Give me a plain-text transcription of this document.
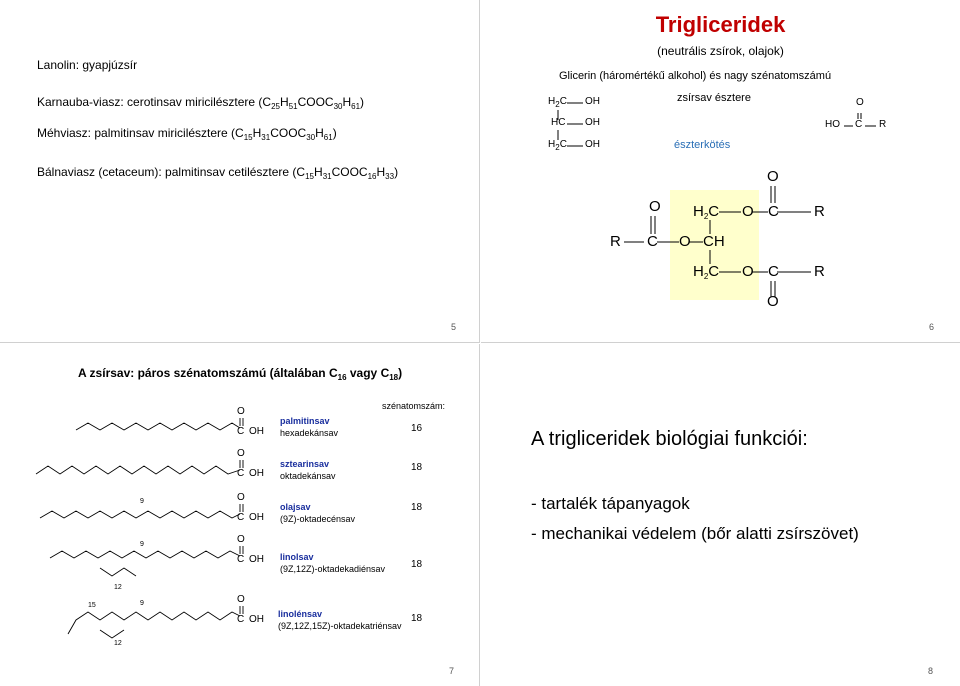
Lanolin: gyapjúzsír
Karnauba-viasz: cerotinsav miricilésztere $(C_{25}H_{51}COOC_{30}H_{61})$
Méhviasz: palmitinsav miricilésztere $(C_{15}H_{31}COOC_{30}H_{61})$
Bálnaviasz (cetaceum): palmitinsav cetilésztere $(C_{15}H_{31}COOC_{16}H_{33})$
5
Trigliceridek
(neutrális zsírok, olajok)
Glicerin (háromértékű alkohol) és nagy szénatomszámú
zsírsav észtere
észterkötés
$H_2C$ OH
HC OH
$H_2C$ OH
O
HO C R
O
O $H_2C$ O C R
R C O CH
$H_2C$ O C R
O
6
A zsírsav: páros szénatomszámú (általában $C_{16}$ vagy $C_{18}$)
szénatomszám:
O
C OH
palmitinsav
hexadekánsav	16
O
C OH
sztearinsav
oktadekánsav
18
O
C OH
9
olajsav
(9Z)-oktadecénsav
18
O
C OH
9
12
linolsav
(9Z,12Z)-oktadekadiénsav	18
O
C OH
9
15
12
linolénsav
(9Z,12Z,15Z)-oktadekatriénsav
18
7
A trigliceridek biológiai funkciói:
- tartalék tápanyagok
- mechanikai védelem (bőr alatti zsírszövet)
8
